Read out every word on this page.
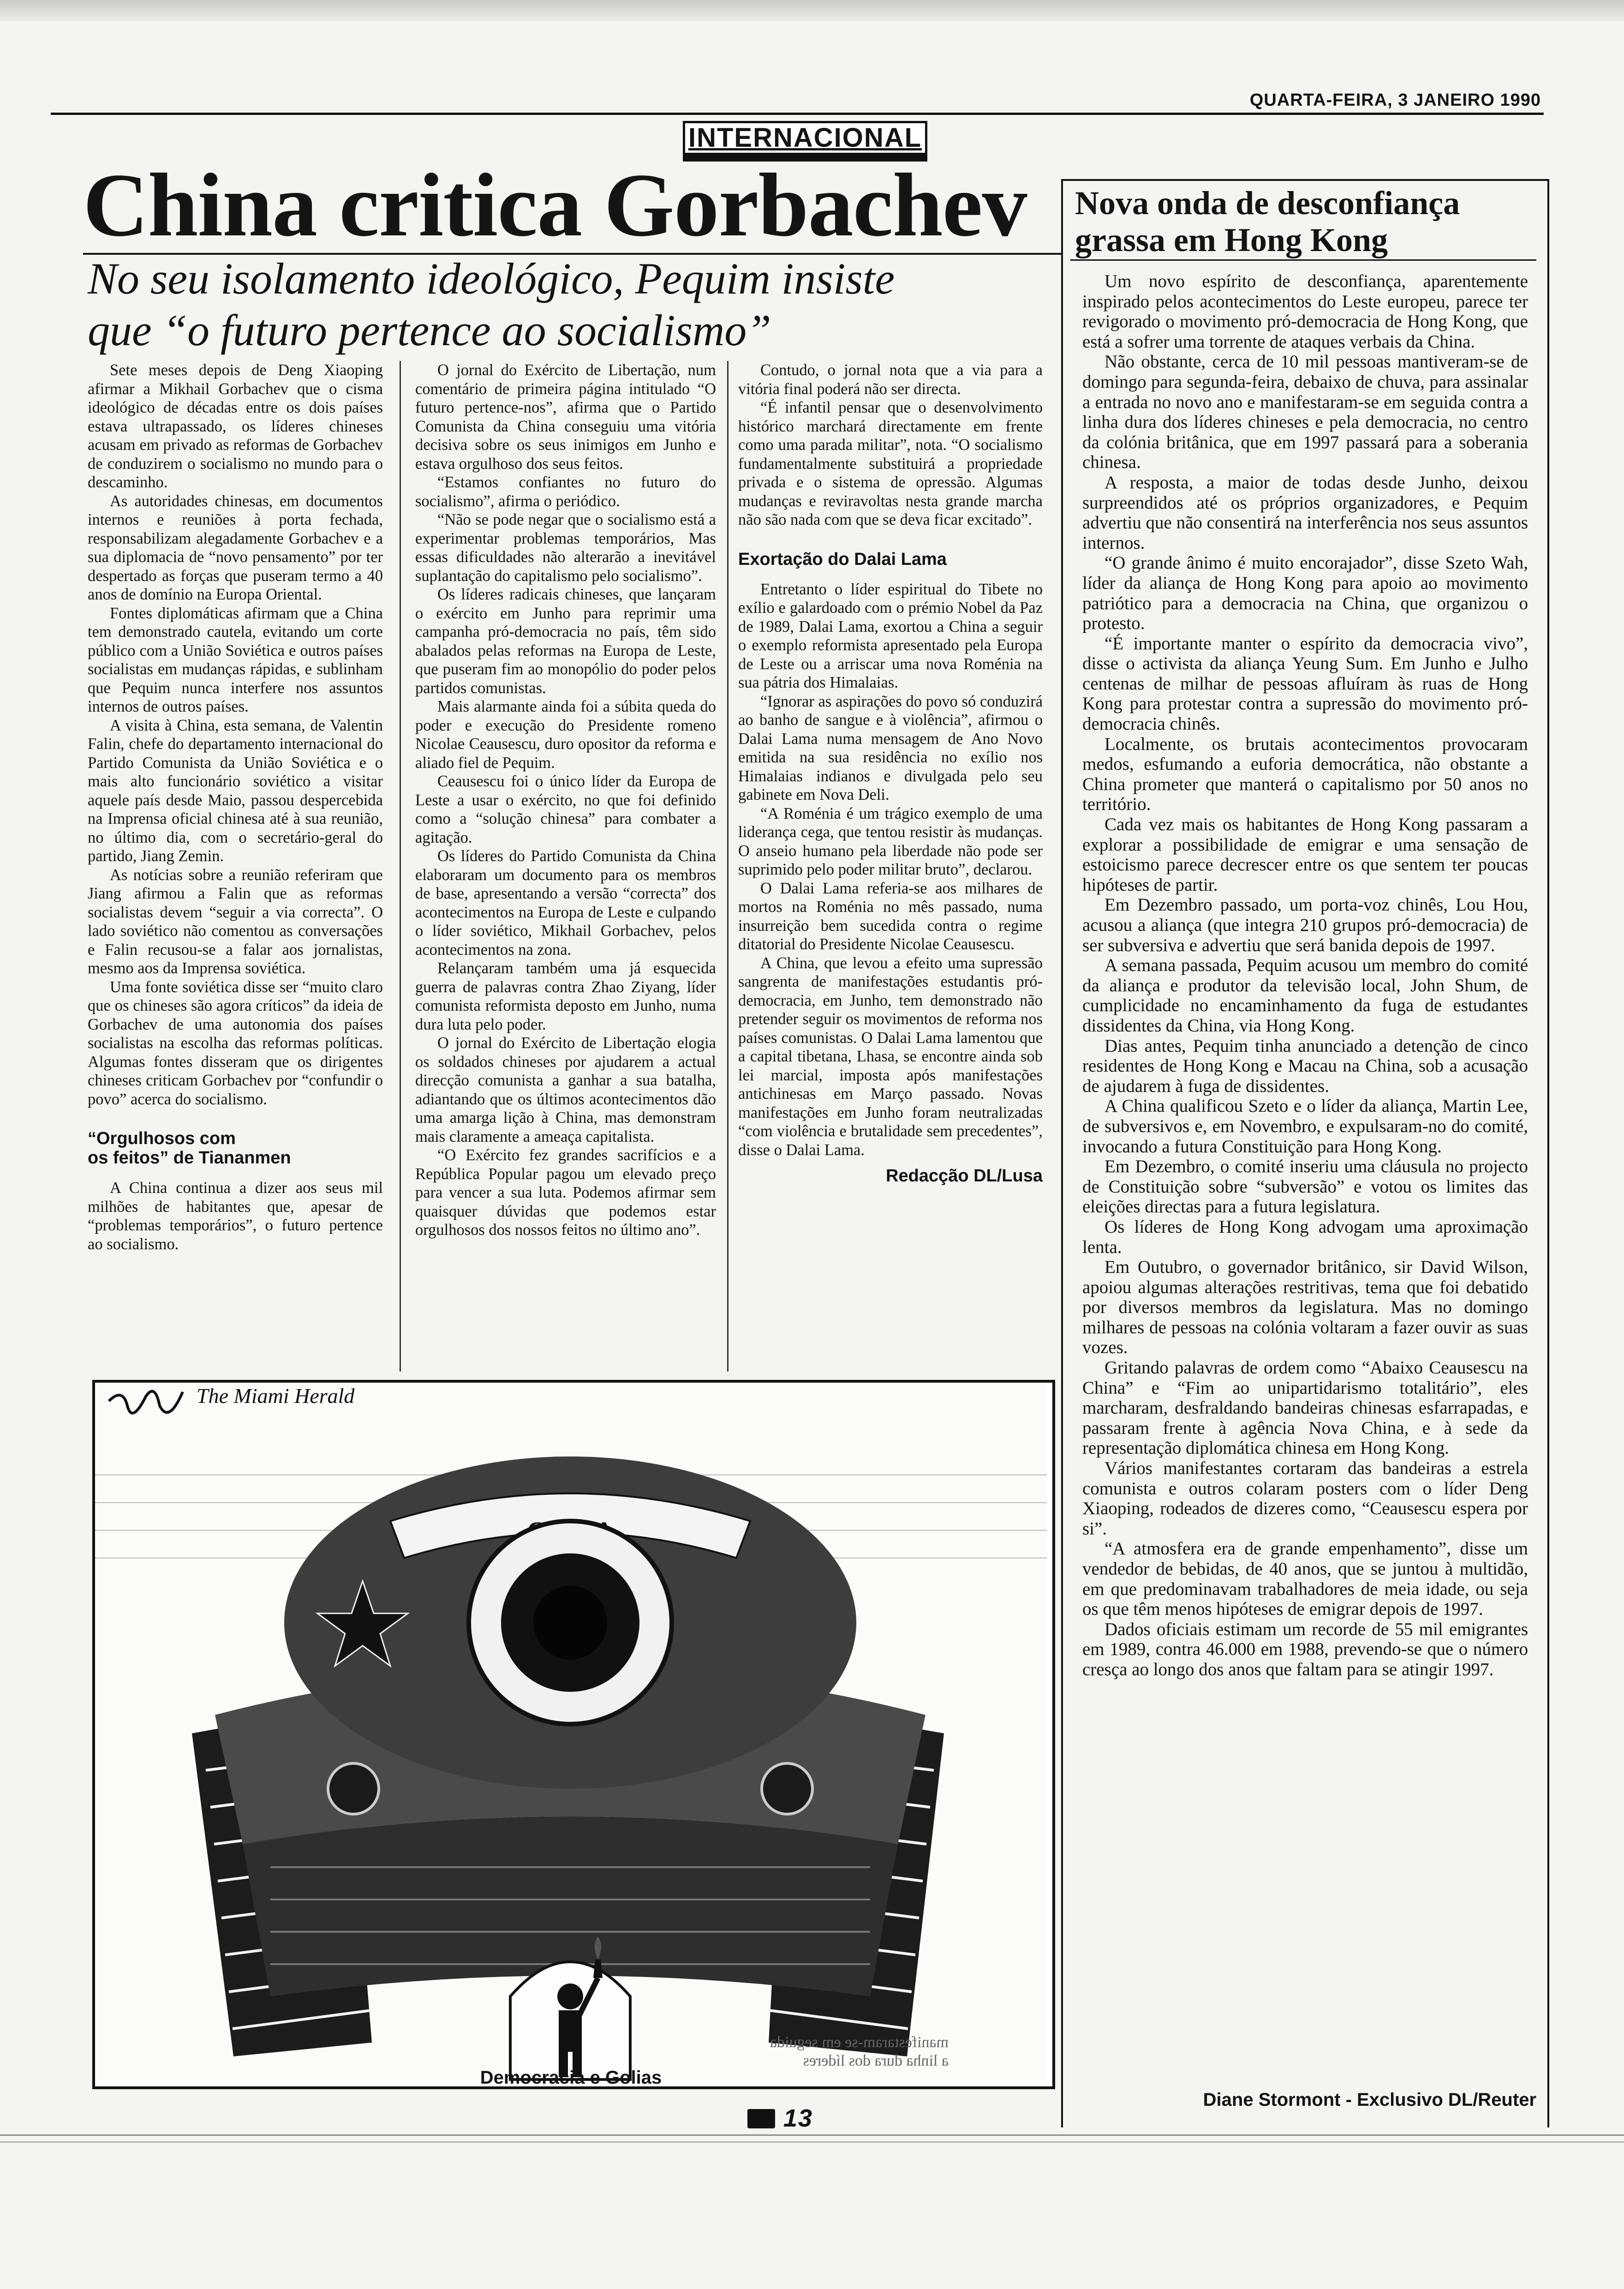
QUARTA-FEIRA, 3 JANEIRO 1990
INTERNACIONAL
China critica Gorbachev
No seu isolamento ideológico, Pequim insiste
que “o futuro pertence ao socialismo”

Sete meses depois de Deng Xiaoping afirmar a Mikhail Gorbachev que o cisma ideológico de décadas entre os dois países estava ultrapassado, os líderes chineses acusam em privado as reformas de Gorbachev de conduzirem o socialismo no mundo para o descaminho.

As autoridades chinesas, em documentos internos e reuniões à porta fechada, responsabilizam alegadamente Gorbachev e a sua diplomacia de “novo pensamento” por ter despertado as forças que puseram termo a 40 anos de domínio na Europa Oriental.

Fontes diplomáticas afirmam que a China tem demonstrado cautela, evitando um corte público com a União Soviética e outros países socialistas em mudanças rápidas, e sublinham que Pequim nunca interfere nos assuntos internos de outros países.

A visita à China, esta semana, de Valentin Falin, chefe do departamento internacional do Partido Comunista da União Soviética e o mais alto funcionário soviético a visitar aquele país desde Maio, passou despercebida na Imprensa oficial chinesa até à sua reunião, no último dia, com o secretário-geral do partido, Jiang Zemin.

As notícias sobre a reunião referiram que Jiang afirmou a Falin que as reformas socialistas devem “seguir a via correcta”. O lado soviético não comentou as conversações e Falin recusou-se a falar aos jornalistas, mesmo aos da Imprensa soviética.

Uma fonte soviética disse ser “muito claro que os chineses são agora críticos” da ideia de Gorbachev de uma autonomia dos países socialistas na escolha das reformas políticas. Algumas fontes disseram que os dirigentes chineses criticam Gorbachev por “confundir o povo” acerca do socialismo.

“Orgulhosos com
os feitos” de Tiananmen

A China continua a dizer aos seus mil milhões de habitantes que, apesar de “problemas temporários”, o futuro pertence ao socialismo.

O jornal do Exército de Libertação, num comentário de primeira página intitulado “O futuro pertence-nos”, afirma que o Partido Comunista da China conseguiu uma vitória decisiva sobre os seus inimigos em Junho e estava orgulhoso dos seus feitos.

“Estamos confiantes no futuro do socialismo”, afirma o periódico.

“Não se pode negar que o socialismo está a experimentar problemas temporários, Mas essas dificuldades não alterarão a inevitável suplantação do capitalismo pelo socialismo”.

Os líderes radicais chineses, que lançaram o exército em Junho para reprimir uma campanha pró-democracia no país, têm sido abalados pelas reformas na Europa de Leste, que puseram fim ao monopólio do poder pelos partidos comunistas.

Mais alarmante ainda foi a súbita queda do poder e execução do Presidente romeno Nicolae Ceausescu, duro opositor da reforma e aliado fiel de Pequim.

Ceausescu foi o único líder da Europa de Leste a usar o exército, no que foi definido como a “solução chinesa” para combater a agitação.

Os líderes do Partido Comunista da China elaboraram um documento para os membros de base, apresentando a versão “correcta” dos acontecimentos na Europa de Leste e culpando o líder soviético, Mikhail Gorbachev, pelos acontecimentos na zona.

Relançaram também uma já esquecida guerra de palavras contra Zhao Ziyang, líder comunista reformista deposto em Junho, numa dura luta pelo poder.

O jornal do Exército de Libertação elogia os soldados chineses por ajudarem a actual direcção comunista a ganhar a sua batalha, adiantando que os últimos acontecimentos dão uma amarga lição à China, mas demonstram mais claramente a ameaça capitalista.

“O Exército fez grandes sacrifícios e a República Popular pagou um elevado preço para vencer a sua luta. Podemos afirmar sem quaisquer dúvidas que podemos estar orgulhosos dos nossos feitos no último ano”.

Contudo, o jornal nota que a via para a vitória final poderá não ser directa.

“É infantil pensar que o desenvolvimento histórico marchará directamente em frente como uma parada militar”, nota. “O socialismo fundamentalmente substituirá a propriedade privada e o sistema de opressão. Algumas mudanças e reviravoltas nesta grande marcha não são nada com que se deva ficar excitado”.

Exortação do Dalai Lama

Entretanto o líder espiritual do Tibete no exílio e galardoado com o prémio Nobel da Paz de 1989, Dalai Lama, exortou a China a seguir o exemplo reformista apresentado pela Europa de Leste ou a arriscar uma nova Roménia na sua pátria dos Himalaias.

“Ignorar as aspirações do povo só conduzirá ao banho de sangue e à violência”, afirmou o Dalai Lama numa mensagem de Ano Novo emitida na sua residência no exílio nos Himalaias indianos e divulgada pelo seu gabinete em Nova Deli.

“A Roménia é um trágico exemplo de uma liderança cega, que tentou resistir às mudanças. O anseio humano pela liberdade não pode ser suprimido pelo poder militar bruto”, declarou.

O Dalai Lama referia-se aos milhares de mortos na Roménia no mês passado, numa insurreição bem sucedida contra o regime ditatorial do Presidente Nicolae Ceausescu.

A China, que levou a efeito uma supressão sangrenta de manifestações estudantis pró-democracia, em Junho, tem demonstrado não pretender seguir os movimentos de reforma nos países comunistas. O Dalai Lama lamentou que a capital tibetana, Lhasa, se encontre ainda sob lei marcial, imposta após manifestações antichinesas em Março passado. Novas manifestações em Junho foram neutralizadas “com violência e brutalidade sem precedentes”, disse o Dalai Lama.

Redacção DL/Lusa
The Miami Herald
manifestaram-se em seguida
a linha dura dos líderes
Democracia e Golias
Nova onda de desconfiança
grassa em Hong Kong

Um novo espírito de desconfiança, aparentemente inspirado pelos acontecimentos do Leste europeu, parece ter revigorado o movimento pró-democracia de Hong Kong, que está a sofrer uma torrente de ataques verbais da China.

Não obstante, cerca de 10 mil pessoas mantiveram-se de domingo para segunda-feira, debaixo de chuva, para assinalar a entrada no novo ano e manifestaram-se em seguida contra a linha dura dos líderes chineses e pela democracia, no centro da colónia britânica, que em 1997 passará para a soberania chinesa.

A resposta, a maior de todas desde Junho, deixou surpreendidos até os próprios organizadores, e Pequim advertiu que não consentirá na interferência nos seus assuntos internos.

“O grande ânimo é muito encorajador”, disse Szeto Wah, líder da aliança de Hong Kong para apoio ao movimento patriótico para a democracia na China, que organizou o protesto.

“É importante manter o espírito da democracia vivo”, disse o activista da aliança Yeung Sum. Em Junho e Julho centenas de milhar de pessoas afluíram às ruas de Hong Kong para protestar contra a supressão do movimento pró-democracia chinês.

Localmente, os brutais acontecimentos provocaram medos, esfumando a euforia democrática, não obstante a China prometer que manterá o capitalismo por 50 anos no território.

Cada vez mais os habitantes de Hong Kong passaram a explorar a possibilidade de emigrar e uma sensação de estoicismo parece decrescer entre os que sentem ter poucas hipóteses de partir.

Em Dezembro passado, um porta-voz chinês, Lou Hou, acusou a aliança (que integra 210 grupos pró-democracia) de ser subversiva e advertiu que será banida depois de 1997.

A semana passada, Pequim acusou um membro do comité da aliança e produtor da televisão local, John Shum, de cumplicidade no encaminhamento da fuga de estudantes dissidentes da China, via Hong Kong.

Dias antes, Pequim tinha anunciado a detenção de cinco residentes de Hong Kong e Macau na China, sob a acusação de ajudarem à fuga de dissidentes.

A China qualificou Szeto e o líder da aliança, Martin Lee, de subversivos e, em Novembro, e expulsaram-no do comité, invocando a futura Constituição para Hong Kong.

Em Dezembro, o comité inseriu uma cláusula no projecto de Constituição sobre “subversão” e votou os limites das eleições directas para a futura legislatura.

Os líderes de Hong Kong advogam uma aproximação lenta.

Em Outubro, o governador britânico, sir David Wilson, apoiou algumas alterações restritivas, tema que foi debatido por diversos membros da legislatura. Mas no domingo milhares de pessoas na colónia voltaram a fazer ouvir as suas vozes.

Gritando palavras de ordem como “Abaixo Ceausescu na China” e “Fim ao unipartidarismo totalitário”, eles marcharam, desfraldando bandeiras chinesas esfarrapadas, e passaram frente à agência Nova China, e à sede da representação diplomática chinesa em Hong Kong.

Vários manifestantes cortaram das bandeiras a estrela comunista e outros colaram posters com o líder Deng Xiaoping, rodeados de dizeres como, “Ceausescu espera por si”.

“A atmosfera era de grande empenhamento”, disse um vendedor de bebidas, de 40 anos, que se juntou à multidão, em que predominavam trabalhadores de meia idade, ou seja os que têm menos hipóteses de emigrar depois de 1997.

Dados oficiais estimam um recorde de 55 mil emigrantes em 1989, contra 46.000 em 1988, prevendo-se que o número cresça ao longo dos anos que faltam para se atingir 1997.

Diane Stormont - Exclusivo DL/Reuter
13
